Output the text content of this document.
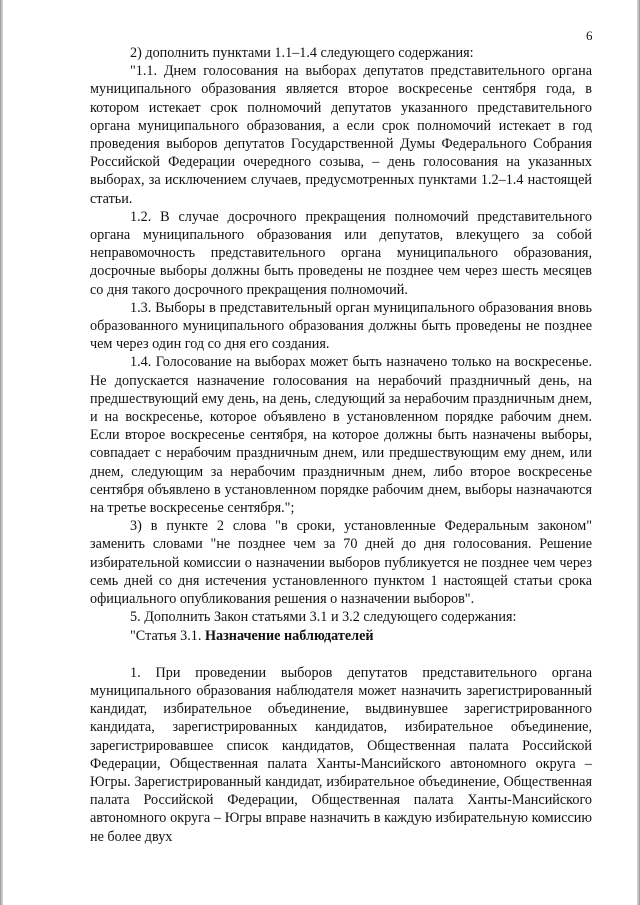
6

2) дополнить пунктами 1.1–1.4 следующего содержания:

"1.1. Днем голосования на выборах депутатов представительного органа муниципального образования является второе воскресенье сентября года, в котором истекает срок полномочий депутатов указанного представительного органа муниципального образования, а если срок полномочий истекает в год проведения выборов депутатов Государственной Думы Федерального Собрания Российской Федерации очередного созыва, – день голосования на указанных выборах, за исключением случаев, предусмотренных пунктами 1.2–1.4 настоящей статьи.

1.2. В случае досрочного прекращения полномочий представительного органа муниципального образования или депутатов, влекущего за собой неправомочность представительного органа муниципального образования, досрочные выборы должны быть проведены не позднее чем через шесть месяцев со дня такого досрочного прекращения полномочий.

1.3. Выборы в представительный орган муниципального образования вновь образованного муниципального образования должны быть проведены не позднее чем через один год со дня его создания.

1.4. Голосование на выборах может быть назначено только на воскресенье. Не допускается назначение голосования на нерабочий праздничный день, на предшествующий ему день, на день, следующий за нерабочим праздничным днем, и на воскресенье, которое объявлено в установленном порядке рабочим днем. Если второе воскресенье сентября, на которое должны быть назначены выборы, совпадает с нерабочим праздничным днем, или предшествующим ему днем, или днем, следующим за нерабочим праздничным днем, либо второе воскресенье сентября объявлено в установленном порядке рабочим днем, выборы назначаются на третье воскресенье сентября.";

3) в пункте 2 слова "в сроки, установленные Федеральным законом" заменить словами "не позднее чем за 70 дней до дня голосования. Решение избирательной комиссии о назначении выборов публикуется не позднее чем через семь дней со дня истечения установленного пунктом 1 настоящей статьи срока официального опубликования решения о назначении выборов".

5. Дополнить Закон статьями 3.1 и 3.2 следующего содержания:

"Статья 3.1. Назначение наблюдателей

1. При проведении выборов депутатов представительного органа муниципального образования наблюдателя может назначить зарегистрированный кандидат, избирательное объединение, выдвинувшее зарегистрированного кандидата, зарегистрированных кандидатов, избирательное объединение, зарегистрировавшее список кандидатов, Общественная палата Российской Федерации, Общественная палата Ханты-Мансийского автономного округа – Югры. Зарегистрированный кандидат, избирательное объединение, Общественная палата Российской Федерации, Общественная палата Ханты-Мансийского автономного округа – Югры вправе назначить в каждую избирательную комиссию не более двух
